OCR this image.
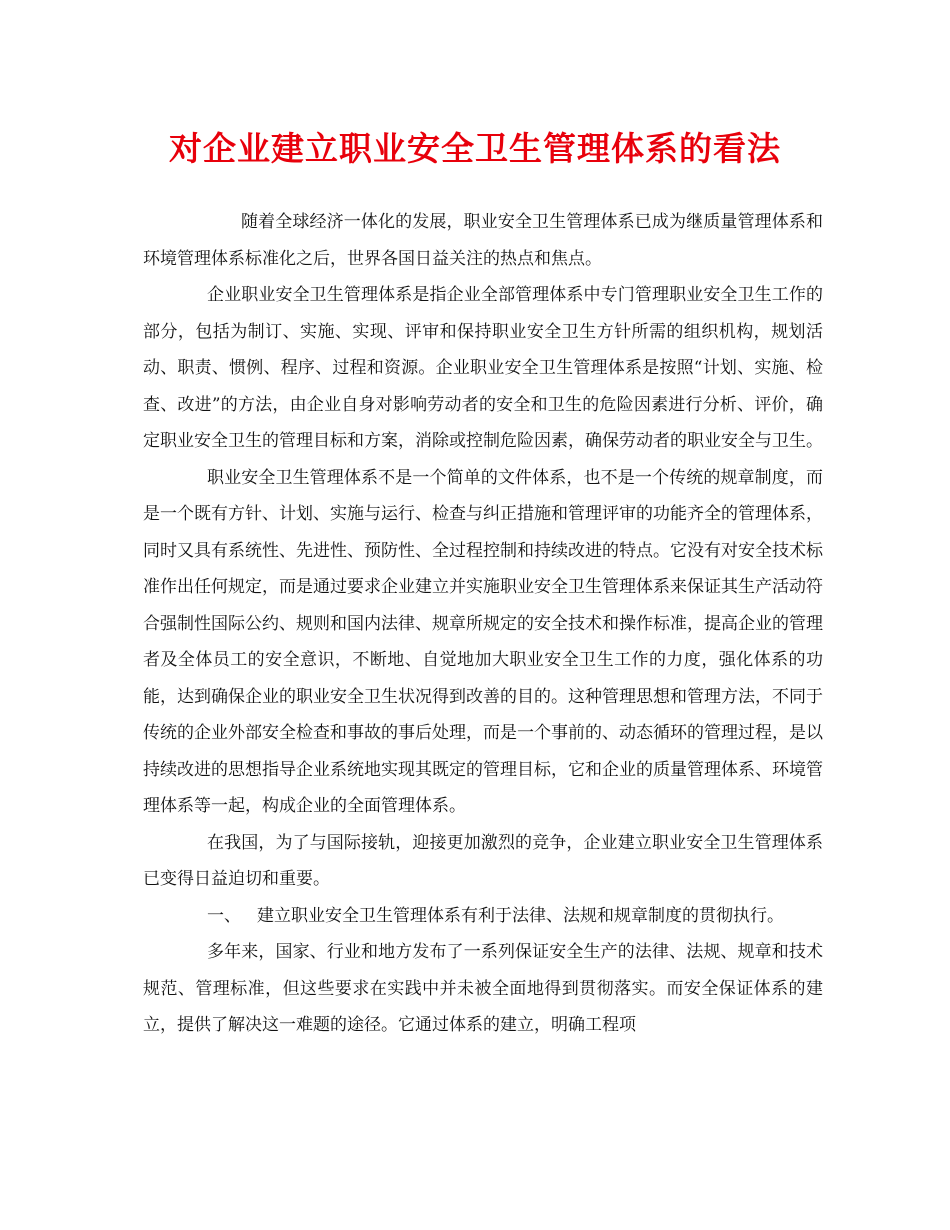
对企业建立职业安全卫生管理体系的看法

随着全球经济一体化的发展，职业安全卫生管理体系已成为继质量管理体系和环境管理体系标准化之后，世界各国日益关注的热点和焦点。

企业职业安全卫生管理体系是指企业全部管理体系中专门管理职业安全卫生工作的部分，包括为制订、实施、实现、评审和保持职业安全卫生方针所需的组织机构，规划活动、职责、惯例、程序、过程和资源。企业职业安全卫生管理体系是按照“计划、实施、检查、改进”的方法，由企业自身对影响劳动者的安全和卫生的危险因素进行分析、评价，确定职业安全卫生的管理目标和方案，消除或控制危险因素，确保劳动者的职业安全与卫生。

职业安全卫生管理体系不是一个简单的文件体系，也不是一个传统的规章制度，而是一个既有方针、计划、实施与运行、检查与纠正措施和管理评审的功能齐全的管理体系，同时又具有系统性、先进性、预防性、全过程控制和持续改进的特点。它没有对安全技术标准作出任何规定，而是通过要求企业建立并实施职业安全卫生管理体系来保证其生产活动符合强制性国际公约、规则和国内法律、规章所规定的安全技术和操作标准，提高企业的管理者及全体员工的安全意识，不断地、自觉地加大职业安全卫生工作的力度，强化体系的功能，达到确保企业的职业安全卫生状况得到改善的目的。这种管理思想和管理方法，不同于传统的企业外部安全检查和事故的事后处理，而是一个事前的、动态循环的管理过程，是以持续改进的思想指导企业系统地实现其既定的管理目标，它和企业的质量管理体系、环境管理体系等一起，构成企业的全面管理体系。

在我国，为了与国际接轨，迎接更加激烈的竞争，企业建立职业安全卫生管理体系已变得日益迫切和重要。

一、 建立职业安全卫生管理体系有利于法律、法规和规章制度的贯彻执行。

多年来，国家、行业和地方发布了一系列保证安全生产的法律、法规、规章和技术规范、管理标准，但这些要求在实践中并未被全面地得到贯彻落实。而安全保证体系的建立，提供了解决这一难题的途径。它通过体系的建立，明确工程项
